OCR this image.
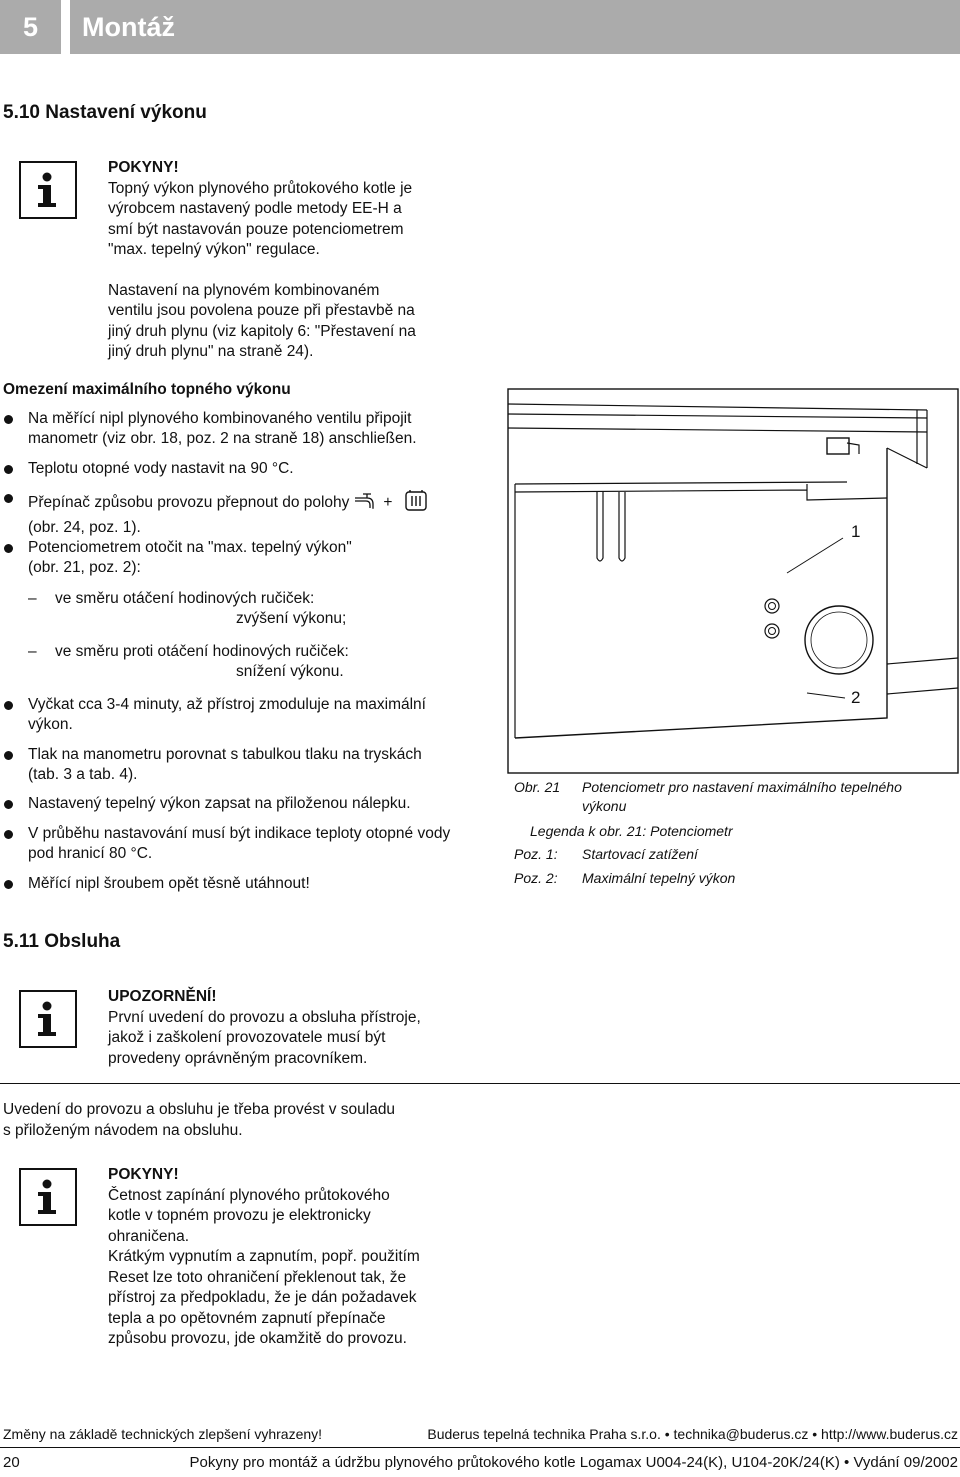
5	Montáž
5.10 Nastavení výkonu
POKYNY!
Topný výkon plynového průtokového kotle je
výrobcem nastavený podle metody EE-H a
smí být nastavován pouze potenciometrem
"max. tepelný výkon" regulace.
Nastavení na plynovém kombinovaném
ventilu jsou povolena pouze při přestavbě na
jiný druh plynu (viz kapitoly 6: "Přestavení na
jiný druh plynu" na straně 24).
Omezení maximálního topného výkonu
Na měřící nipl plynového kombinovaného ventilu připojit
manometr (viz obr. 18, poz. 2 na straně 18) anschließen.
Teplotu otopné vody nastavit na 90 °C.
Přepínač způsobu provozu přepnout do polohy +
(obr. 24, poz. 1).
Potenciometrem otočit na "max. tepelný výkon"
(obr. 21, poz. 2):
– ve směru otáčení hodinových ručiček:
zvýšení výkonu;
– ve směru proti otáčení hodinových ručiček:
snížení výkonu.
Vyčkat cca 3-4 minuty, až přístroj zmoduluje na maximální
výkon.
Tlak na manometru porovnat s tabulkou tlaku na tryskách
(tab. 3 a tab. 4).
Nastavený tepelný výkon zapsat na přiloženou nálepku.
V průběhu nastavování musí být indikace teploty otopné vody
pod hranicí 80 °C.
Měřící nipl šroubem opět těsně utáhnout!
1
2
Obr. 21 Potenciometr pro nastavení maximálního tepelného
výkonu
Legenda k obr. 21: Potenciometr
Poz. 1: Startovací zatížení
Poz. 2: Maximální tepelný výkon
5.11 Obsluha
UPOZORNĚNÍ!
První uvedení do provozu a obsluha přístroje,
jakož i zaškolení provozovatele musí být
provedeny oprávněným pracovníkem.
Uvedení do provozu a obsluhu je třeba provést v souladu
s přiloženým návodem na obsluhu.
POKYNY!
Četnost zapínání plynového průtokového
kotle v topném provozu je elektronicky
ohraničena.
Krátkým vypnutím a zapnutím, popř. použitím
Reset lze toto ohraničení překlenout tak, že
přístroj za předpokladu, že je dán požadavek
tepla a po opětovném zapnutí přepínače
způsobu provozu, jde okamžitě do provozu.
Změny na základě technických zlepšení vyhrazeny!	Buderus tepelná technika Praha s.r.o. • technika@buderus.cz • http://www.buderus.cz
20	Pokyny pro montáž a údržbu plynového průtokového kotle Logamax U004-24(K), U104-20K/24(K) • Vydání 09/2002
